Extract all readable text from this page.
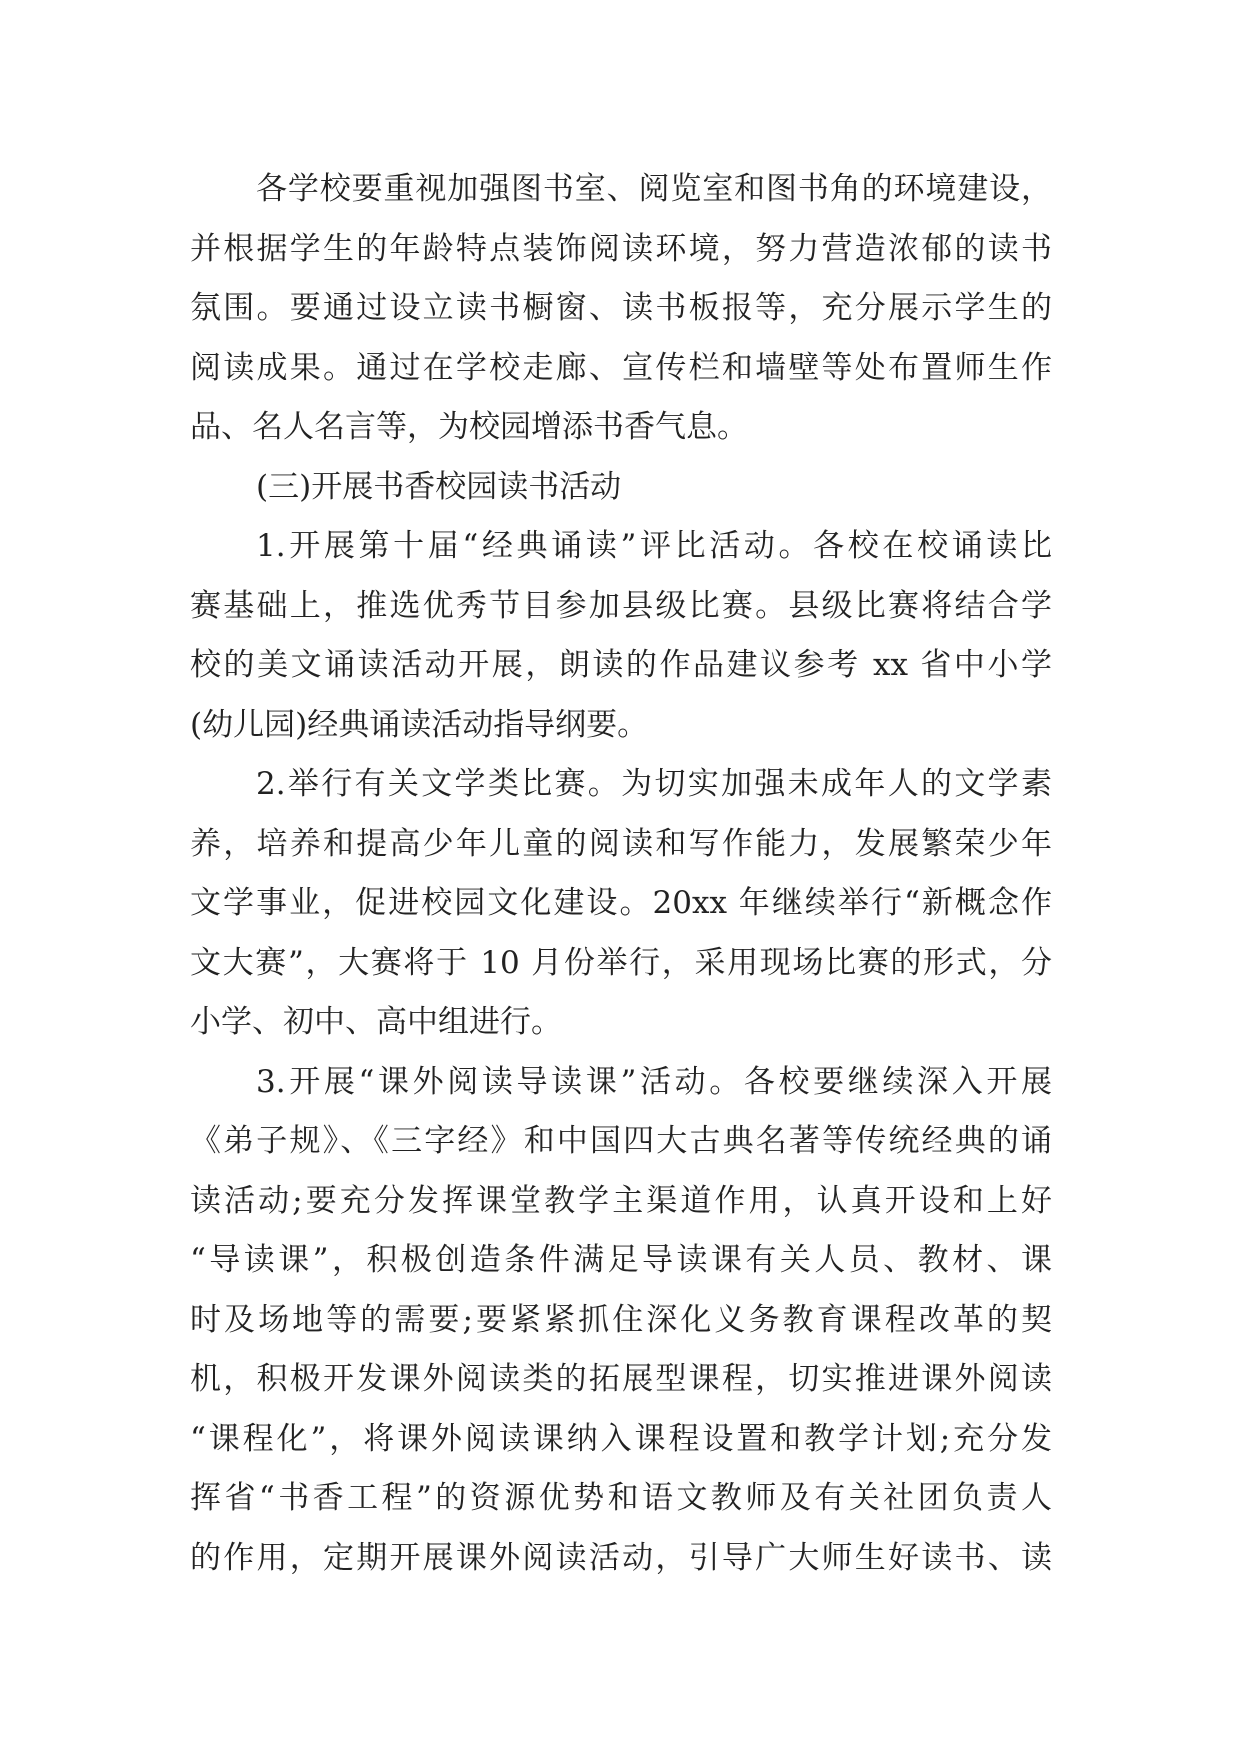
各学校要重视加强图书室、阅览室和图书角的环境建设，
并根据学生的年龄特点装饰阅读环境，努力营造浓郁的读书
氛围。要通过设立读书橱窗、读书板报等，充分展示学生的
阅读成果。通过在学校走廊、宣传栏和墙壁等处布置师生作
品、名人名言等，为校园增添书香气息。
(三)开展书香校园读书活动
1.开展第十届“经典诵读”评比活动。各校在校诵读比
赛基础上，推选优秀节目参加县级比赛。县级比赛将结合学
校的美文诵读活动开展，朗读的作品建议参考 xx 省中小学
(幼儿园)经典诵读活动指导纲要。
2.举行有关文学类比赛。为切实加强未成年人的文学素
养，培养和提高少年儿童的阅读和写作能力，发展繁荣少年
文学事业，促进校园文化建设。20xx 年继续举行“新概念作
文大赛”，大赛将于 10 月份举行，采用现场比赛的形式，分
小学、初中、高中组进行。
3.开展“课外阅读导读课”活动。各校要继续深入开展
《弟子规》、《三字经》和中国四大古典名著等传统经典的诵
读活动;要充分发挥课堂教学主渠道作用，认真开设和上好
“导读课”，积极创造条件满足导读课有关人员、教材、课
时及场地等的需要;要紧紧抓住深化义务教育课程改革的契
机，积极开发课外阅读类的拓展型课程，切实推进课外阅读
“课程化”，将课外阅读课纳入课程设置和教学计划;充分发
挥省“书香工程”的资源优势和语文教师及有关社团负责人
的作用，定期开展课外阅读活动，引导广大师生好读书、读
